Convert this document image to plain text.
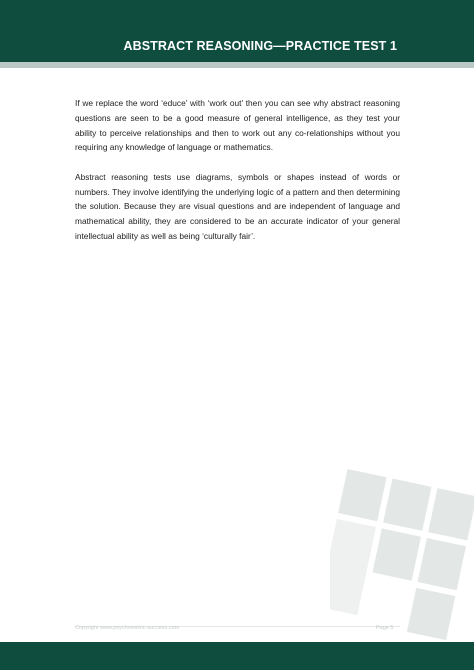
ABSTRACT REASONING—PRACTICE TEST 1

If we replace the word ‘educe’ with ‘work out’ then you can see why abstract reasoning questions are seen to be a good measure of general intelligence, as they test your ability to perceive relationships and then to work out any co-relationships without you requiring any knowledge of language or mathematics.

Abstract reasoning tests use diagrams, symbols or shapes instead of words or numbers. They involve identifying the underlying logic of a pattern and then determining the solution. Because they are visual questions and are independent of language and mathematical ability, they are considered to be an accurate indicator of your general intellectual ability as well as being ‘culturally fair’.

Copyright www.psychometric-success.com	Page 5
